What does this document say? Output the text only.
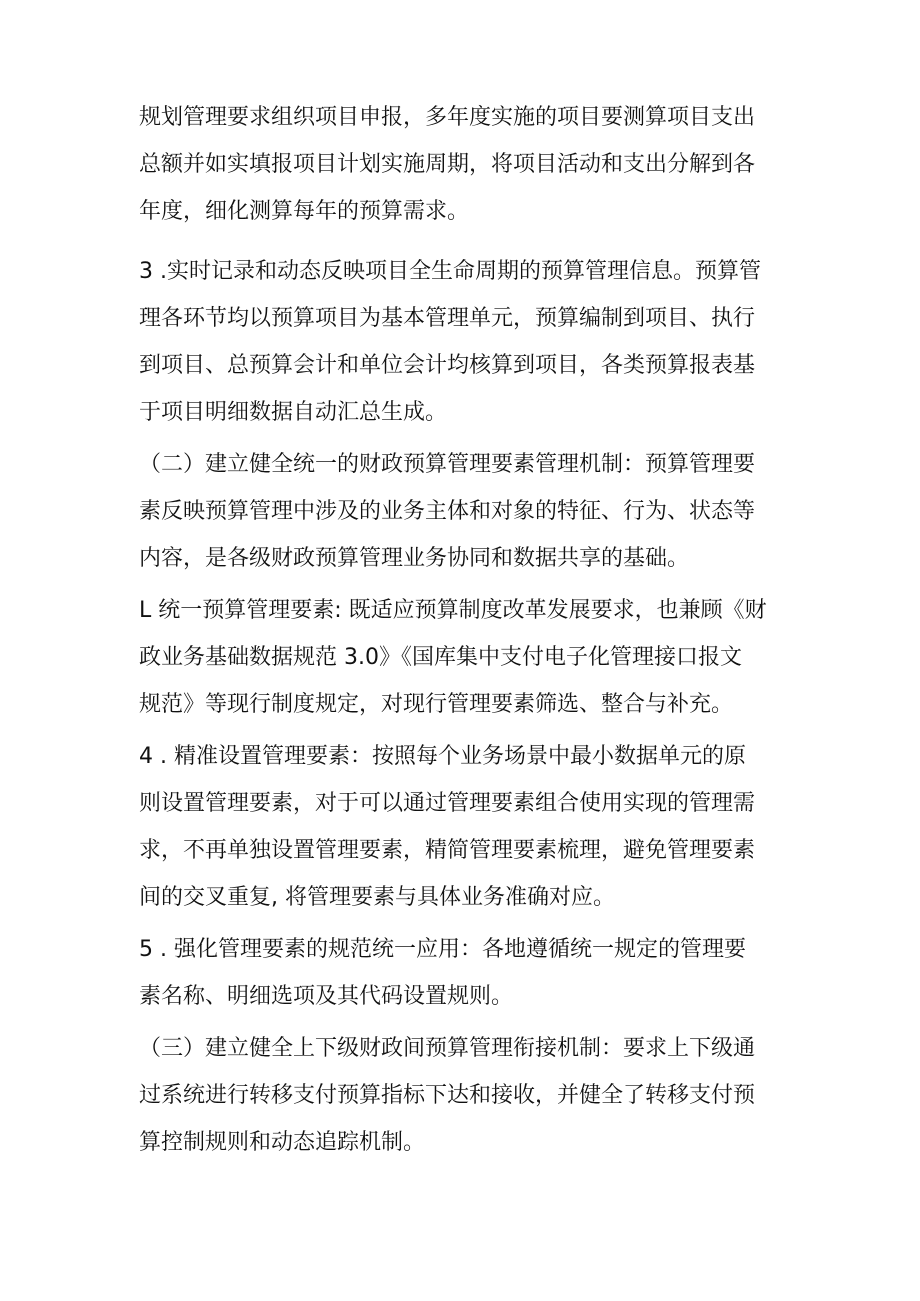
规划管理要求组织项目申报，多年度实施的项目要测算项目支出
总额并如实填报项目计划实施周期，将项目活动和支出分解到各
年度，细化测算每年的预算需求。

3 .实时记录和动态反映项目全生命周期的预算管理信息。预算管
理各环节均以预算项目为基本管理单元，预算编制到项目、执行
到项目、总预算会计和单位会计均核算到项目，各类预算报表基
于项目明细数据自动汇总生成。

（二）建立健全统一的财政预算管理要素管理机制：预算管理要
素反映预算管理中涉及的业务主体和对象的特征、行为、状态等
内容，是各级财政预算管理业务协同和数据共享的基础。

L 统一预算管理要素: 既适应预算制度改革发展要求，也兼顾《财
政业务基础数据规范 3.0》《国库集中支付电子化管理接口报文
规范》等现行制度规定，对现行管理要素筛选、整合与补充。

4 . 精准设置管理要素：按照每个业务场景中最小数据单元的原
则设置管理要素，对于可以通过管理要素组合使用实现的管理需
求，不再单独设置管理要素，精简管理要素梳理，避免管理要素
间的交叉重复, 将管理要素与具体业务准确对应。

5 . 强化管理要素的规范统一应用：各地遵循统一规定的管理要
素名称、明细选项及其代码设置规则。

（三）建立健全上下级财政间预算管理衔接机制：要求上下级通
过系统进行转移支付预算指标下达和接收，并健全了转移支付预
算控制规则和动态追踪机制。
